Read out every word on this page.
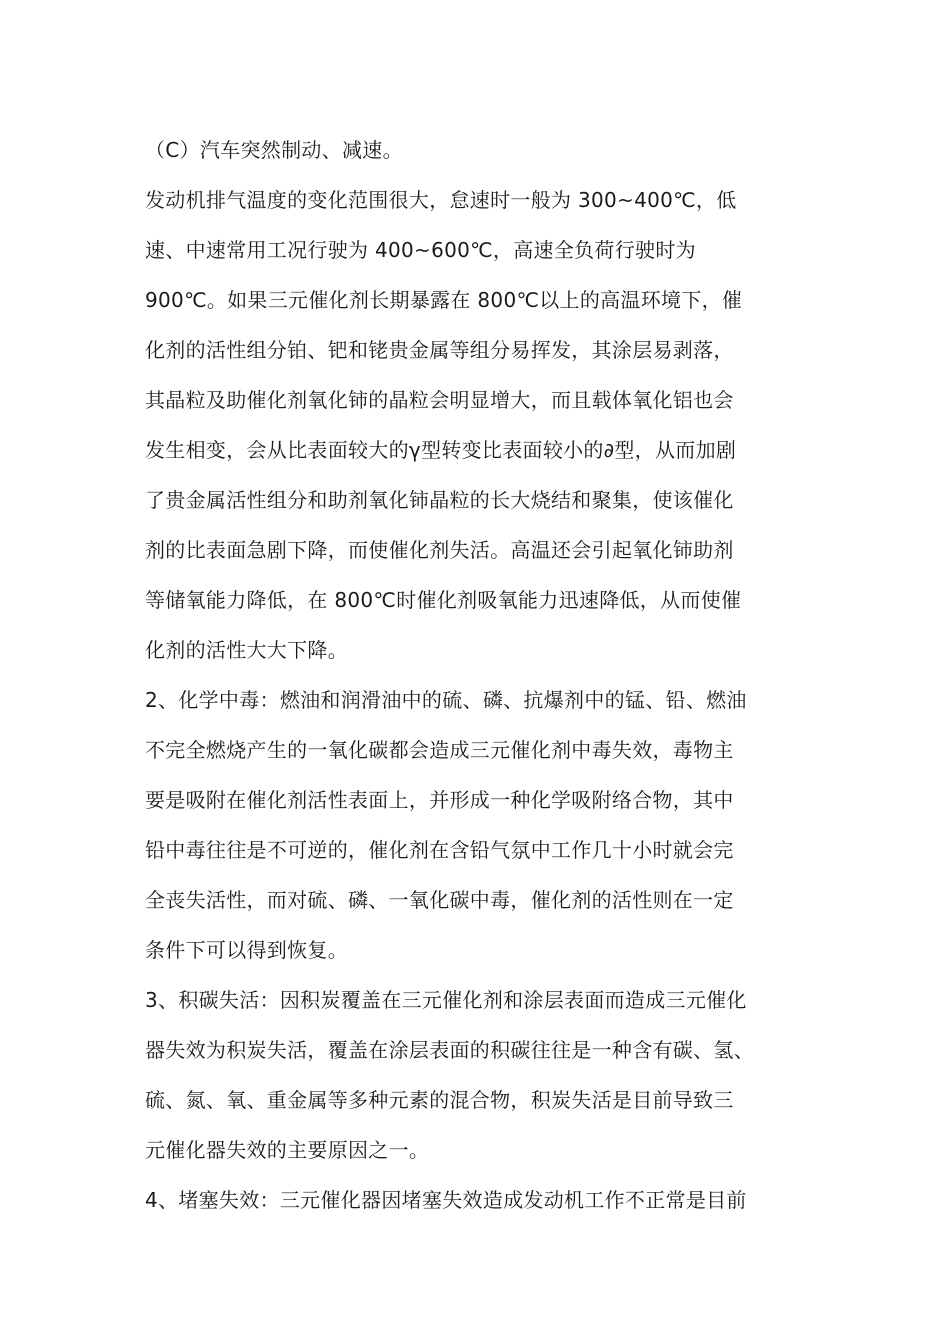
（C）汽车突然制动、减速。
发动机排气温度的变化范围很大，怠速时一般为 300~400℃，低
速、中速常用工况行驶为 400~600℃，高速全负荷行驶时为
900℃。如果三元催化剂长期暴露在 800℃以上的高温环境下，催
化剂的活性组分铂、钯和铑贵金属等组分易挥发，其涂层易剥落，
其晶粒及助催化剂氧化铈的晶粒会明显增大，而且载体氧化铝也会
发生相变，会从比表面较大的γ型转变比表面较小的∂型，从而加剧
了贵金属活性组分和助剂氧化铈晶粒的长大烧结和聚集，使该催化
剂的比表面急剧下降，而使催化剂失活。高温还会引起氧化铈助剂
等储氧能力降低，在 800℃时催化剂吸氧能力迅速降低，从而使催
化剂的活性大大下降。
2、化学中毒：燃油和润滑油中的硫、磷、抗爆剂中的锰、铅、燃油
不完全燃烧产生的一氧化碳都会造成三元催化剂中毒失效，毒物主
要是吸附在催化剂活性表面上，并形成一种化学吸附络合物，其中
铅中毒往往是不可逆的，催化剂在含铅气氛中工作几十小时就会完
全丧失活性，而对硫、磷、一氧化碳中毒，催化剂的活性则在一定
条件下可以得到恢复。
3、积碳失活：因积炭覆盖在三元催化剂和涂层表面而造成三元催化
器失效为积炭失活，覆盖在涂层表面的积碳往往是一种含有碳、氢、
硫、氮、氧、重金属等多种元素的混合物，积炭失活是目前导致三
元催化器失效的主要原因之一。
4、堵塞失效：三元催化器因堵塞失效造成发动机工作不正常是目前
